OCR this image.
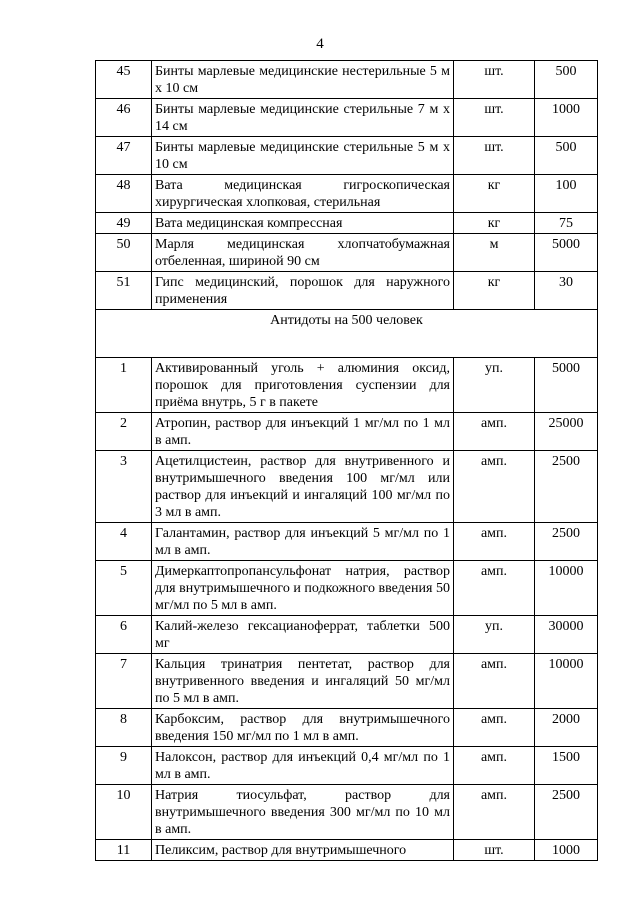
4
45	Бинты марлевые медицинские нестерильные 5 м х 10 см	шт.	500
46	Бинты марлевые медицинские стерильные 7 м х 14 см	шт.	1000
47	Бинты марлевые медицинские стерильные 5 м х 10 см	шт.	500
48	Вата медицинская гигроскопическая хирургическая хлопковая, стерильная	кг	100
49	Вата медицинская компрессная	кг	75
50	Марля медицинская хлопчатобумажная отбеленная, шириной 90 см	м	5000
51	Гипс медицинский, порошок для наружного применения	кг	30
Антидоты на 500 человек			
1	Активированный уголь + алюминия оксид, порошок для приготовления суспензии для приёма внутрь, 5 г в пакете	уп.	5000
2	Атропин, раствор для инъекций 1 мг/мл по 1 мл в амп.	амп.	25000
3	Ацетилцистеин, раствор для внутривенного и внутримышечного введения 100 мг/мл или раствор для инъекций и ингаляций 100 мг/мл по 3 мл в амп.	амп.	2500
4	Галантамин, раствор для инъекций 5 мг/мл по 1 мл в амп.	амп.	2500
5	Димеркаптопропансульфонат натрия, раствор для внутримышечного и подкожного введения 50 мг/мл по 5 мл в амп.	амп.	10000
6	Калий-железо гексацианоферрат, таблетки 500 мг	уп.	30000
7	Кальция тринатрия пентетат, раствор для внутривенного введения и ингаляций 50 мг/мл по 5 мл в амп.	амп.	10000
8	Карбоксим, раствор для внутримышечного введения 150 мг/мл по 1 мл в амп.	амп.	2000
9	Налоксон, раствор для инъекций 0,4 мг/мл по 1 мл в амп.	амп.	1500
10	Натрия тиосульфат, раствор для внутримышечного введения 300 мг/мл по 10 мл в амп.	амп.	2500
11	Пеликсим, раствор для внутримышечного	шт.	1000
